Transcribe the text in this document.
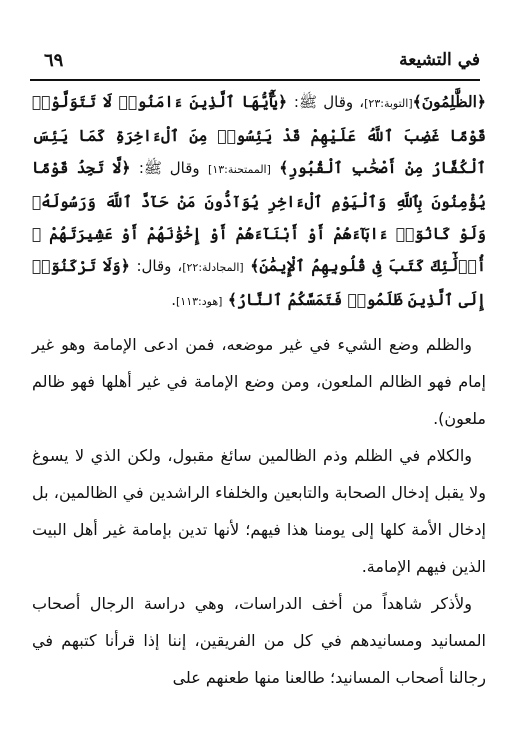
في التشيعة
٦٩

﴿الظَّٰلِمُونَ﴾[التوبة:٢٣]، وقال ﷺ: ﴿يَٰٓأَيُّهَا ٱلَّذِينَ ءَامَنُوا۟ لَا تَتَوَلَّوْا۟ قَوْمًا غَضِبَ ٱللَّهُ عَلَيْهِمْ قَدْ يَئِسُوا۟ مِنَ ٱلْءَاخِرَةِ كَمَا يَئِسَ ٱلْكُفَّارُ مِنْ أَصْحَٰبِ ٱلْقُبُورِ﴾ [الممتحنة:١٣] وقال ﷺ: ﴿لَّا تَجِدُ قَوْمًا يُؤْمِنُونَ بِٱللَّهِ وَٱلْيَوْمِ ٱلْءَاخِرِ يُوَآدُّونَ مَنْ حَآدَّ ٱللَّهَ وَرَسُولَهُۥ وَلَوْ كَانُوٓا۟ ءَابَآءَهُمْ أَوْ أَبْنَآءَهُمْ أَوْ إِخْوَٰنَهُمْ أَوْ عَشِيرَتَهُمْ ۚ أُو۟لَٰٓئِكَ كَتَبَ فِى قُلُوبِهِمُ ٱلْإِيمَٰنَ﴾ [المجادلة:٢٢]، وقال: ﴿وَلَا تَرْكَنُوٓا۟ إِلَى ٱلَّذِينَ ظَلَمُوا۟ فَتَمَسَّكُمُ ٱلنَّارُ﴾ [هود:١١٣].

والظلم وضع الشيء في غير موضعه، فمن ادعى الإمامة وهو غير إمام فهو الظالم الملعون، ومن وضع الإمامة في غير أهلها فهو ظالم ملعون).

والكلام في الظلم وذم الظالمين سائغ مقبول، ولكن الذي لا يسوغ ولا يقبل إدخال الصحابة والتابعين والخلفاء الراشدين في الظالمين، بل إدخال الأمة كلها إلى يومنا هذا فيهم؛ لأنها تدين بإمامة غير أهل البيت الذين فيهم الإمامة.

ولأذكر شاهداً من أخف الدراسات، وهي دراسة الرجال أصحاب المسانيد ومسانيدهم في كل من الفريقين، إننا إذا قرأنا كتبهم في رجالنا أصحاب المسانيد؛ طالعنا منها طعنهم على
